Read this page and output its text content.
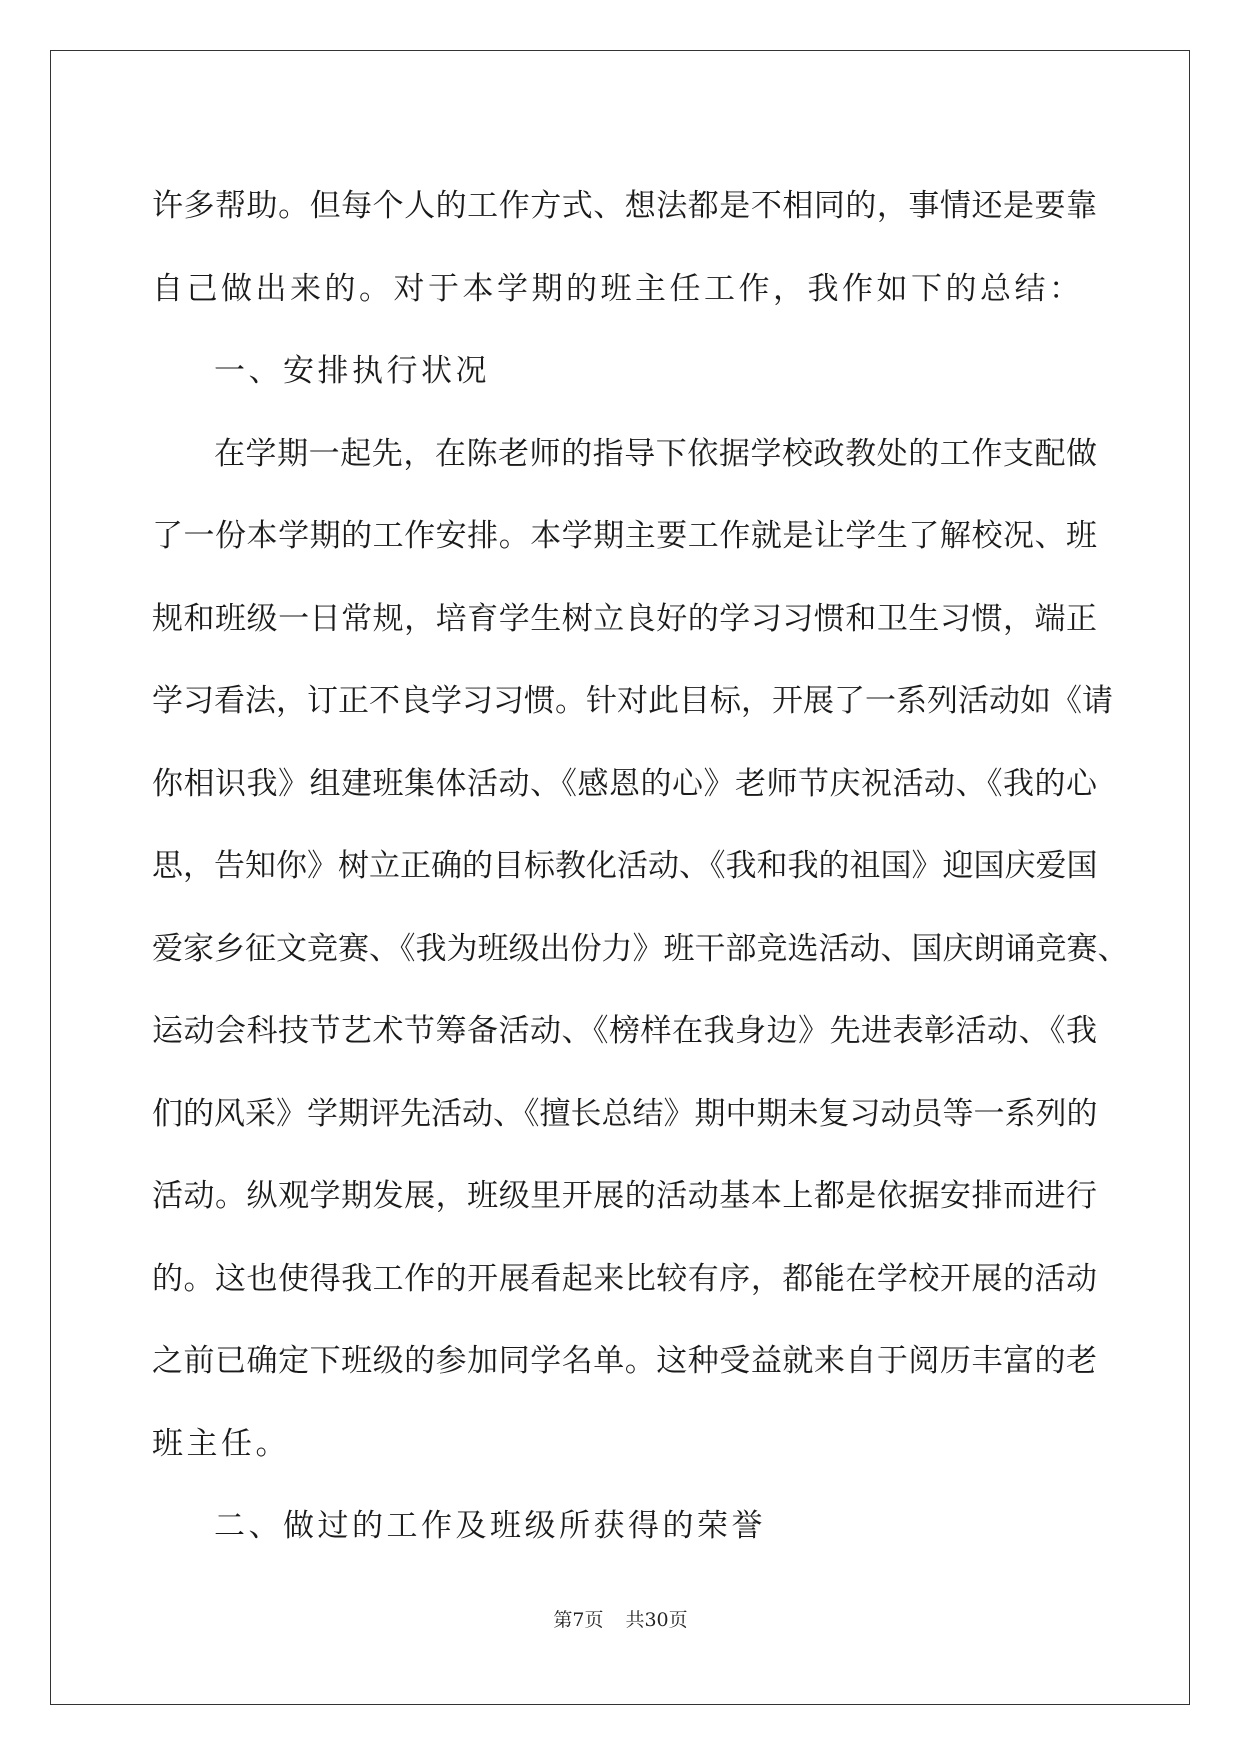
许多帮助。但每个人的工作方式、想法都是不相同的，事情还是要靠
自己做出来的。对于本学期的班主任工作，我作如下的总结：
一、安排执行状况
在学期一起先，在陈老师的指导下依据学校政教处的工作支配做
了一份本学期的工作安排。本学期主要工作就是让学生了解校况、班
规和班级一日常规，培育学生树立良好的学习习惯和卫生习惯，端正
学习看法，订正不良学习习惯。针对此目标，开展了一系列活动如《请
你相识我》组建班集体活动、《感恩的心》老师节庆祝活动、《我的心
思，告知你》树立正确的目标教化活动、《我和我的祖国》迎国庆爱国
爱家乡征文竞赛、《我为班级出份力》班干部竞选活动、国庆朗诵竞赛、
运动会科技节艺术节筹备活动、《榜样在我身边》先进表彰活动、《我
们的风采》学期评先活动、《擅长总结》期中期未复习动员等一系列的
活动。纵观学期发展，班级里开展的活动基本上都是依据安排而进行
的。这也使得我工作的开展看起来比较有序，都能在学校开展的活动
之前已确定下班级的参加同学名单。这种受益就来自于阅历丰富的老
班主任。
二、做过的工作及班级所获得的荣誉
第7页 共30页
